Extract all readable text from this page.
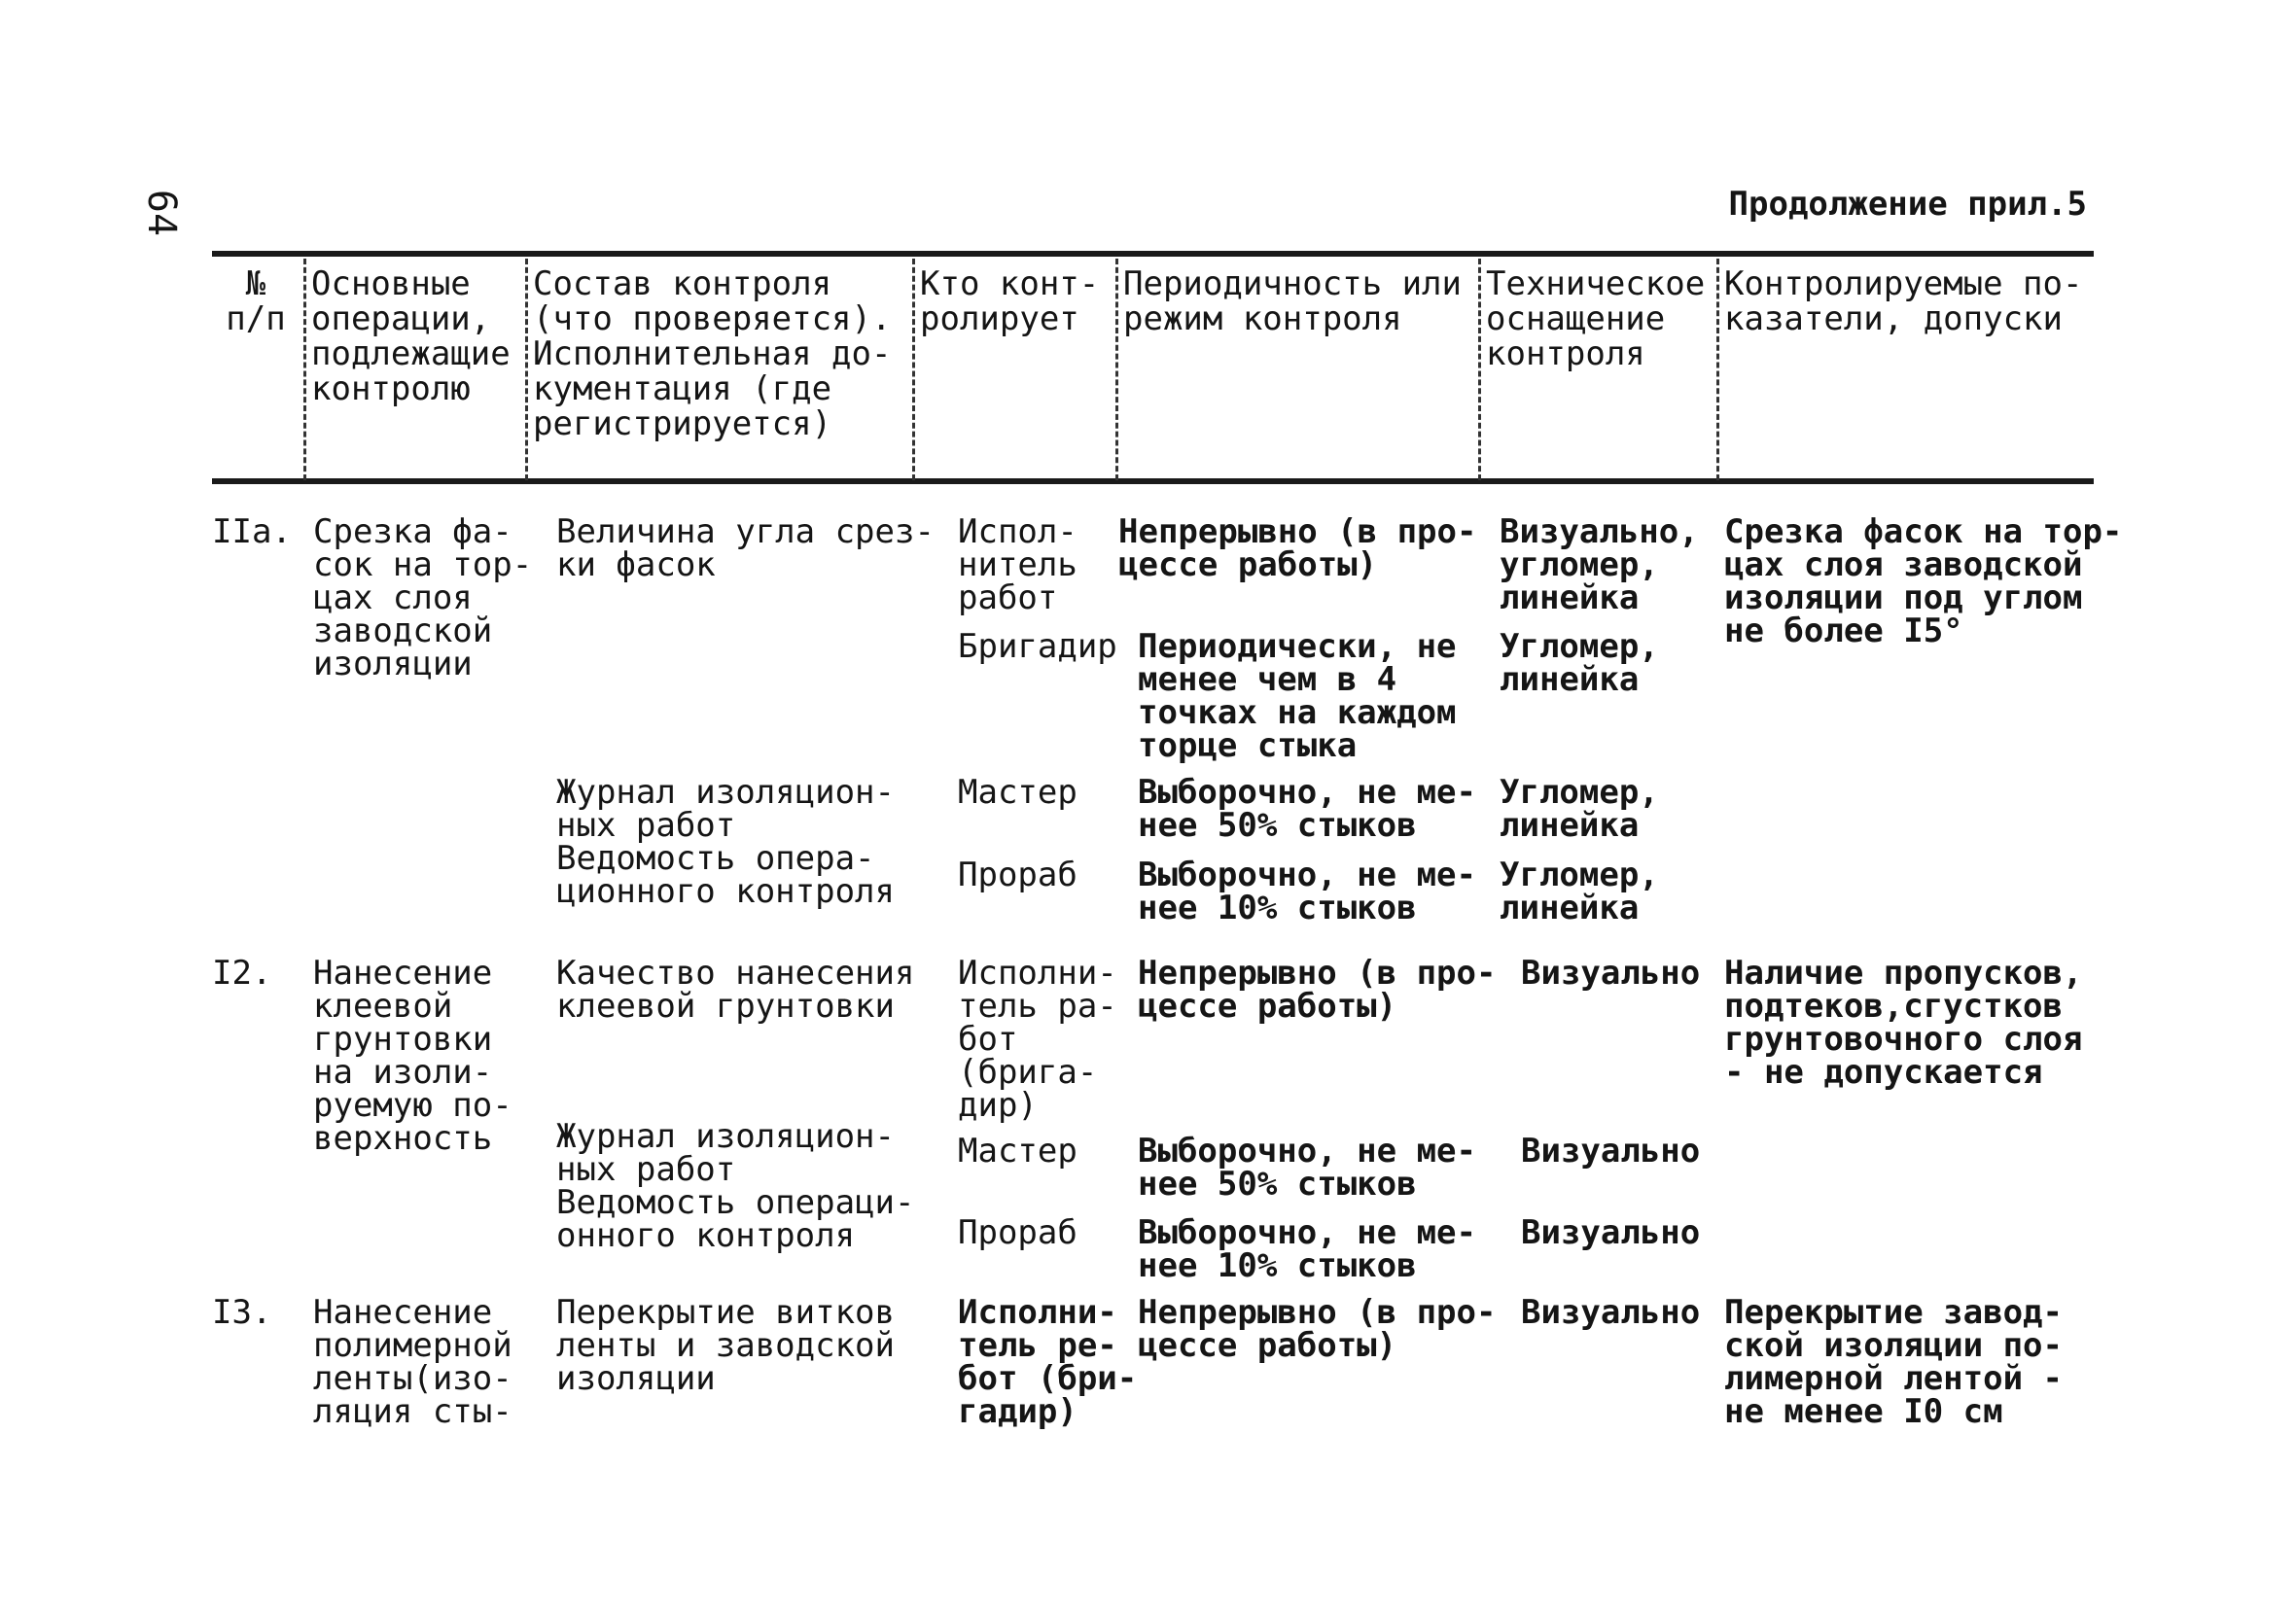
64	Продолжение прил.5
№
п/п
Основные
операции,
подлежащие
контролю
Состав контроля
(что проверяется).
Исполнительная до-
кументация (где
регистрируется)
Кто конт-
ролирует
Периодичность или
режим контроля
Техническое
оснащение
контроля
Контролируемые по-
казатели, допуски
IIa. Срезка фа-
сок на тор-
цах слоя
заводской
изоляции
Величина угла срез-
ки фасок
Журнал изоляцион-
ных работ
Ведомость опера-
ционного контроля
Испол-
нитель
работ
Бригадир
Мастер
Прораб
Непрерывно (в про-
цессе работы)
Периодически, не
менее чем в 4
точках на каждом
торце стыка
Выборочно, не ме-
нее 50% стыков
Выборочно, не ме-
нее 10% стыков
Визуально,
угломер,
линейка
Угломер,
линейка
Угломер,
линейка
Угломер,
линейка
Срезка фасок на тор-
цах слоя заводской
изоляции под углом
не более I5°
I2. Нанесение
клеевой
грунтовки
на изоли-
руемую по-
верхность
Качество нанесения
клеевой грунтовки
Журнал изоляцион-
ных работ
Ведомость операци-
онного контроля
Исполни-
тель ра-
бот
(брига-
дир)
Мастер
Прораб
Непрерывно (в про-
цессе работы)
Выборочно, не ме-
нее 50% стыков
Выборочно, не ме-
нее 10% стыков
Визуально
Визуально
Визуально
Наличие пропусков,
подтеков,сгустков
грунтовочного слоя
- не допускается
I3. Нанесение
полимерной
ленты(изо-
ляция сты-
Перекрытие витков
ленты и заводской
изоляции
Исполни-
тель ре-
бот (бри-
гадир)
Непрерывно (в про-
цессе работы)
Визуально Перекрытие завод-
ской изоляции по-
лимерной лентой -
не менее I0 см
